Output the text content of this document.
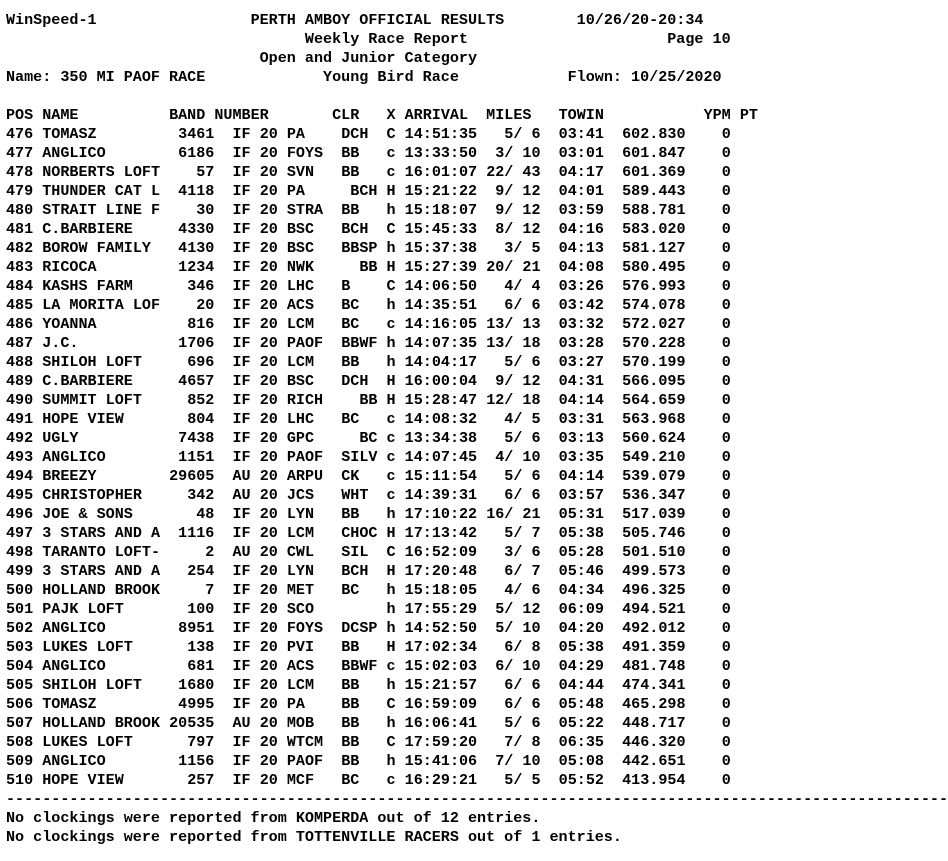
WinSpeed-1	PERTH AMBOY OFFICIAL RESULTS	10/26/20-20:34
Weekly Race Report	Page 10
Open and Junior Category
Name: 350 MI PAOF RACE	Young Bird Race	Flown: 10/25/2020

POS NAME	BAND NUMBER	CLR X ARRIVAL MILES TOWIN	YPM PT
476 TOMASZ         3461 IF 20 PA    DCH  C 14:51:35   5/ 6 03:41 602.830 0
477 ANGLICO        6186 IF 20 FOYS BB   c 13:33:50  3/ 10 03:01 601.847 0
478 NORBERTS LOFT    57 IF 20 SVN   BB   c 16:01:07 22/ 43 04:17 601.369 0
479 THUNDER CAT L  4118 IF 20 PA     BCH H 15:21:22  9/ 12 04:01 589.443 0
480 STRAIT LINE F    30 IF 20 STRA BB   h 15:18:07  9/ 12 03:59 588.781 0
481 C.BARBIERE     4330 IF 20 BSC   BCH  C 15:45:33  8/ 12 04:16 583.020 0
482 BOROW FAMILY   4130 IF 20 BSC   BBSP h 15:37:38   3/ 5 04:13 581.127 0
483 RICOCA         1234 IF 20 NWK     BB H 15:27:39 20/ 21 04:08 580.495 0
484 KASHS FARM      346 IF 20 LHC   B    C 14:06:50   4/ 4 03:26 576.993 0
485 LA MORITA LOF    20 IF 20 ACS   BC   h 14:35:51   6/ 6 03:42 574.078 0
486 YOANNA          816 IF 20 LCM   BC   c 14:16:05 13/ 13 03:32 572.027 0
487 J.C.           1706 IF 20 PAOF BBWF h 14:07:35 13/ 18 03:28 570.228 0
488 SHILOH LOFT     696 IF 20 LCM   BB   h 14:04:17   5/ 6 03:27 570.199 0
489 C.BARBIERE     4657 IF 20 BSC   DCH  H 16:00:04  9/ 12 04:31 566.095 0
490 SUMMIT LOFT     852 IF 20 RICH    BB H 15:28:47 12/ 18 04:14 564.659 0
491 HOPE VIEW       804 IF 20 LHC   BC   c 14:08:32   4/ 5 03:31 563.968 0
492 UGLY           7438 IF 20 GPC     BC c 13:34:38   5/ 6 03:13 560.624 0
493 ANGLICO        1151 IF 20 PAOF SILV c 14:07:45  4/ 10 03:35 549.210 0
494 BREEZY        29605 AU 20 ARPU CK   c 15:11:54   5/ 6 04:14 539.079 0
495 CHRISTOPHER     342 AU 20 JCS   WHT  c 14:39:31   6/ 6 03:57 536.347 0
496 JOE & SONS       48 IF 20 LYN   BB   h 17:10:22 16/ 21 05:31 517.039 0
497 3 STARS AND A  1116 IF 20 LCM   CHOC H 17:13:42   5/ 7 05:38 505.746 0
498 TARANTO LOFT-     2 AU 20 CWL   SIL  C 16:52:09   3/ 6 05:28 501.510 0
499 3 STARS AND A   254 IF 20 LYN   BCH  H 17:20:48   6/ 7 05:46 499.573 0
500 HOLLAND BROOK     7 IF 20 MET   BC   h 15:18:05   4/ 6 04:34 496.325 0
501 PAJK LOFT       100 IF 20 SCO	h 17:55:29  5/ 12 06:09 494.521 0
502 ANGLICO        8951 IF 20 FOYS DCSP h 14:52:50  5/ 10 04:20 492.012 0
503 LUKES LOFT      138 IF 20 PVI   BB   H 17:02:34   6/ 8 05:38 491.359 0
504 ANGLICO         681 IF 20 ACS   BBWF c 15:02:03  6/ 10 04:29 481.748 0
505 SHILOH LOFT    1680 IF 20 LCM   BB   h 15:21:57   6/ 6 04:44 474.341 0
506 TOMASZ         4995 IF 20 PA    BB   C 16:59:09   6/ 6 05:48 465.298 0
507 HOLLAND BROOK 20535 AU 20 MOB   BB   h 16:06:41   5/ 6 05:22 448.717 0
508 LUKES LOFT      797 IF 20 WTCM BB   C 17:59:20   7/ 8 06:35 446.320 0
509 ANGLICO        1156 IF 20 PAOF BB   h 15:41:06  7/ 10 05:08 442.651 0
510 HOPE VIEW       257 IF 20 MCF   BC   c 16:29:21   5/ 5 05:52 413.954 0
--------------------------------------------------------------------------------------------------------
No clockings were reported from KOMPERDA out of 12 entries.
No clockings were reported from TOTTENVILLE RACERS out of 1 entries.
